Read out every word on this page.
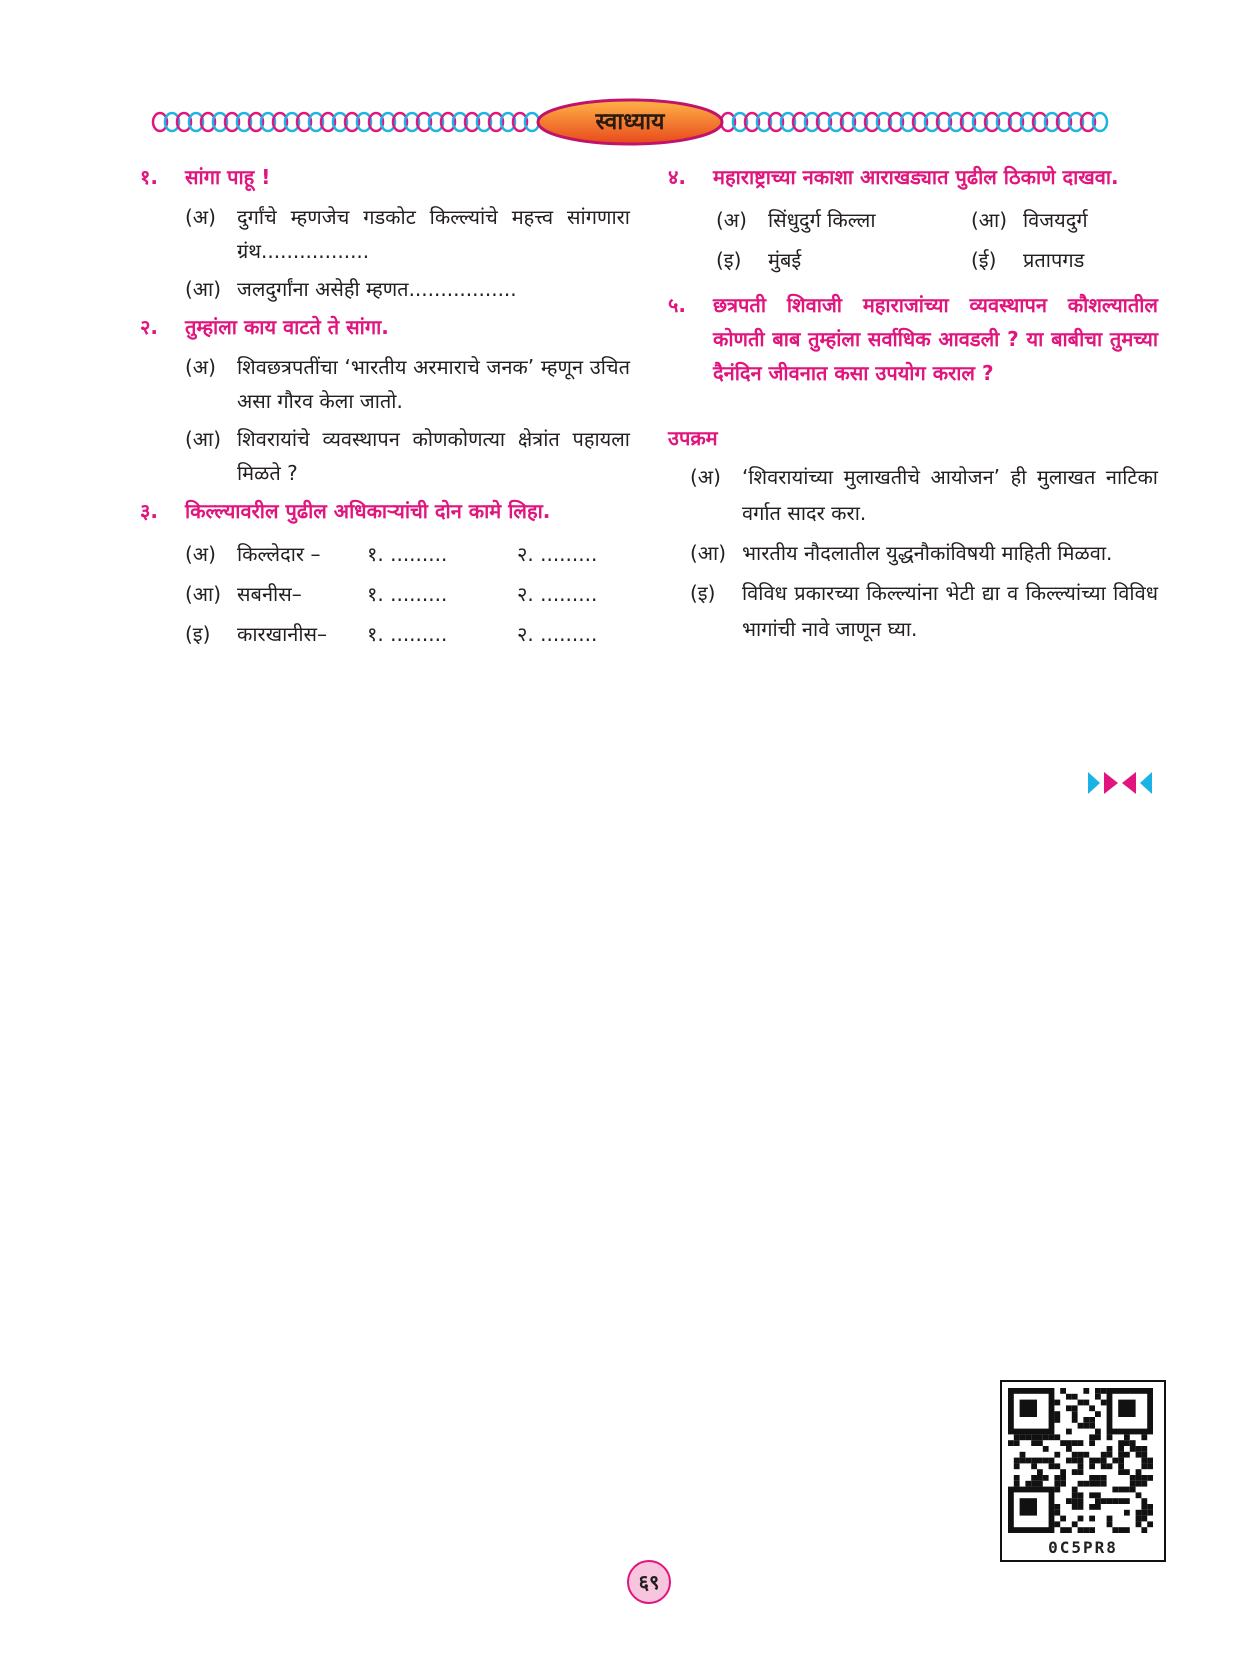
स्वाध्याय
१.	सांगा पाहू !
(अ)	दुर्गांचे म्हणजेच गडकोट किल्ल्यांचे महत्त्व सांगणारा ग्रंथ.................
(आ) जलदुर्गांना असेही म्हणत.................
२.	तुम्हांला काय वाटते ते सांगा.
(अ)	शिवछत्रपतींचा ‘भारतीय अरमाराचे जनक’ म्हणून उचित असा गौरव केला जातो.
(आ) शिवरायांचे व्यवस्थापन कोणकोणत्या क्षेत्रांत पहायला मिळते ?
३.	किल्ल्यावरील पुढील अधिकाऱ्यांची दोन कामे लिहा.
(अ)	किल्लेदार –	१. .........	२. .........
(आ) सबनीस–	१. .........	२. .........
(इ)	कारखानीस–	१. .........	२. .........
४.	महाराष्ट्राच्या नकाशा आराखड्यात पुढील ठिकाणे दाखवा.
(अ)	सिंधुदुर्ग किल्ला	(आ) विजयदुर्ग
(इ)	मुंबई	(ई)	प्रतापगड
५.	छत्रपती शिवाजी महाराजांच्या व्यवस्थापन कौशल्यातील कोणती बाब तुम्हांला सर्वाधिक आवडली ? या बाबीचा तुमच्या दैनंदिन जीवनात कसा उपयोग कराल ?
उपक्रम
(अ)	‘शिवरायांच्या मुलाखतीचे आयोजन’ ही मुलाखत नाटिका वर्गात सादर करा.
(आ) भारतीय नौदलातील युद्धनौकांविषयी माहिती मिळवा.
(इ)	विविध प्रकारच्या किल्ल्यांना भेटी द्या व किल्ल्यांच्या विविध भागांची नावे जाणून घ्या.
0C5PR8
६९
